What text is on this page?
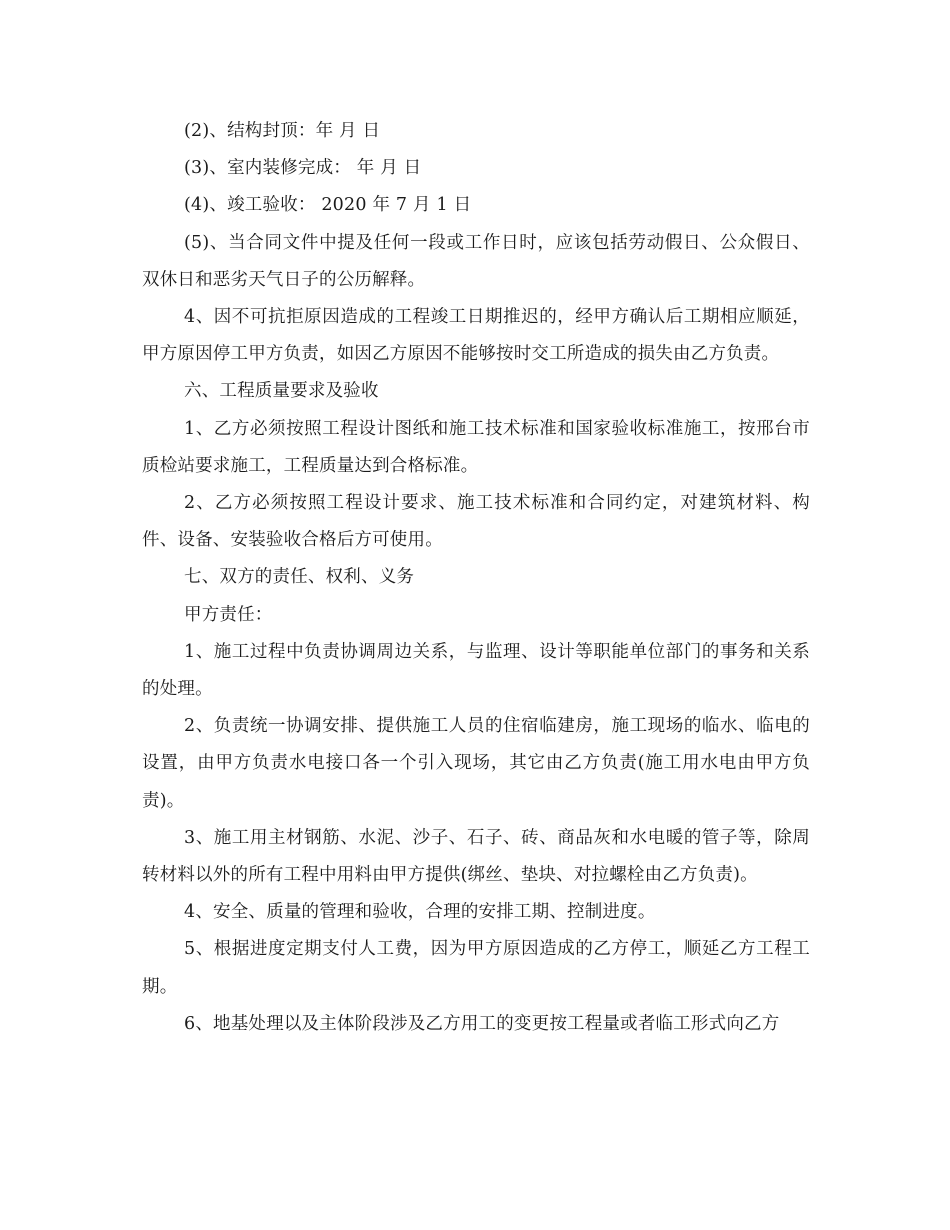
(2)、结构封顶：年 月 日

(3)、室内装修完成： 年 月 日

(4)、竣工验收： 2020 年 7 月 1 日

(5)、当合同文件中提及任何一段或工作日时，应该包括劳动假日、公众假日、双休日和恶劣天气日子的公历解释。

4、因不可抗拒原因造成的工程竣工日期推迟的，经甲方确认后工期相应顺延，甲方原因停工甲方负责，如因乙方原因不能够按时交工所造成的损失由乙方负责。

六、工程质量要求及验收

1、乙方必须按照工程设计图纸和施工技术标准和国家验收标准施工，按邢台市质检站要求施工，工程质量达到合格标准。

2、乙方必须按照工程设计要求、施工技术标准和合同约定，对建筑材料、构件、设备、安装验收合格后方可使用。

七、双方的责任、权利、义务

甲方责任：

1、施工过程中负责协调周边关系，与监理、设计等职能单位部门的事务和关系的处理。

2、负责统一协调安排、提供施工人员的住宿临建房，施工现场的临水、临电的设置，由甲方负责水电接口各一个引入现场，其它由乙方负责(施工用水电由甲方负责)。

3、施工用主材钢筋、水泥、沙子、石子、砖、商品灰和水电暖的管子等，除周转材料以外的所有工程中用料由甲方提供(绑丝、垫块、对拉螺栓由乙方负责)。

4、安全、质量的管理和验收，合理的安排工期、控制进度。

5、根据进度定期支付人工费，因为甲方原因造成的乙方停工，顺延乙方工程工期。

6、地基处理以及主体阶段涉及乙方用工的变更按工程量或者临工形式向乙方
